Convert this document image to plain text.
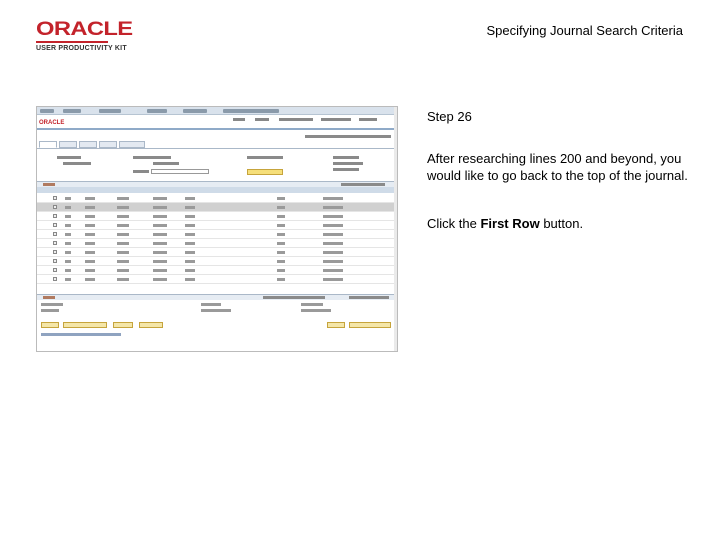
ORACLE
USER PRODUCTIVITY KIT
Specifying Journal Search Criteria
ORACLE	Step 26
After researching lines 200 and beyond, you would like to go back to the top of the journal.
Click the First Row button.
